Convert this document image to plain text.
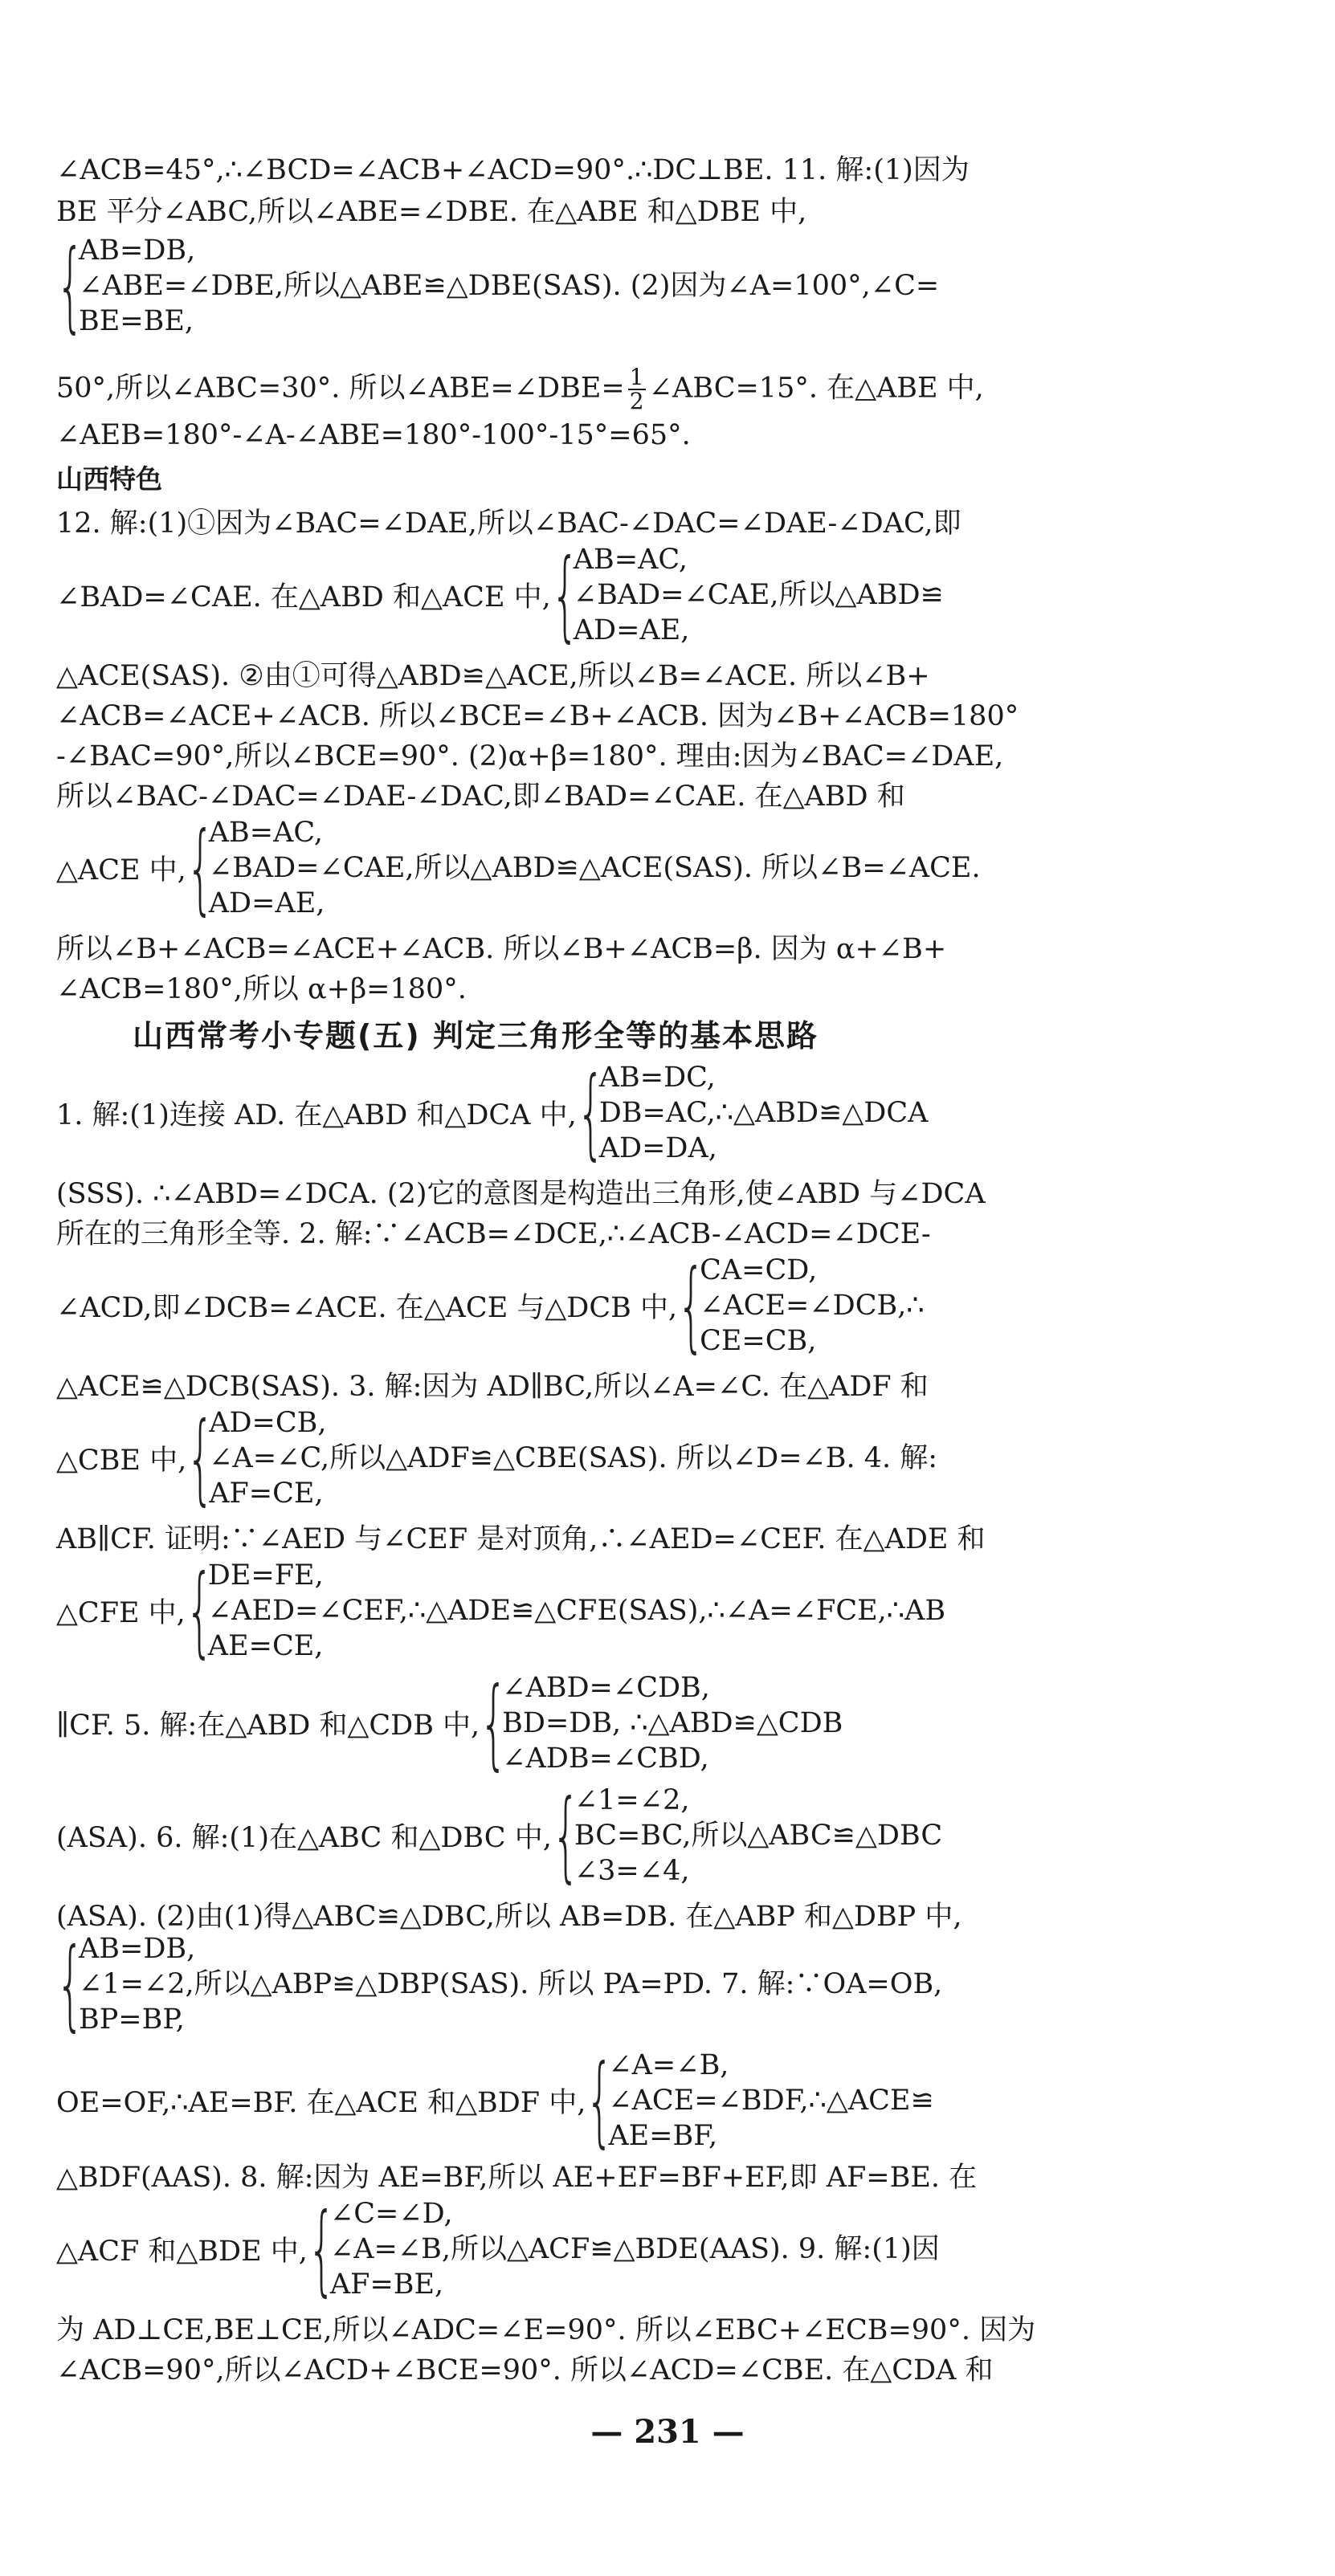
∠ACB=45°,∴∠BCD=∠ACB+∠ACD=90°.∴DC⊥BE. 11. 解:(1)因为
BE 平分∠ABC,所以∠ABE=∠DBE. 在△ABE 和△DBE 中,
{
AB=DB,
∠ABE=∠DBE,所以△ABE≌△DBE(SAS). (2)因为∠A=100°,∠C=
BE=BE,
50°,所以∠ABC=30°. 所以∠ABE=∠DBE= $\frac{1}{2}$ ∠ABC=15°. 在△ABE 中,
∠AEB=180°-∠A-∠ABE=180°-100°-15°=65°.
山西特色
12. 解:(1)①因为∠BAC=∠DAE,所以∠BAC-∠DAC=∠DAE-∠DAC,即
∠BAD=∠CAE. 在△ABD 和△ACE 中, {
AB=AC,
∠BAD=∠CAE,所以△ABD≌
AD=AE,
△ACE(SAS). ②由①可得△ABD≌△ACE,所以∠B=∠ACE. 所以∠B+
∠ACB=∠ACE+∠ACB. 所以∠BCE=∠B+∠ACB. 因为∠B+∠ACB=180°
-∠BAC=90°,所以∠BCE=90°. (2)α+β=180°. 理由:因为∠BAC=∠DAE,
所以∠BAC-∠DAC=∠DAE-∠DAC,即∠BAD=∠CAE. 在△ABD 和
△ACE 中, {
AB=AC,
∠BAD=∠CAE,所以△ABD≌△ACE(SAS). 所以∠B=∠ACE.
AD=AE,
所以∠B+∠ACB=∠ACE+∠ACB. 所以∠B+∠ACB=β. 因为 α+∠B+
∠ACB=180°,所以 α+β=180°.
山西常考小专题(五) 判定三角形全等的基本思路
1. 解:(1)连接 AD. 在△ABD 和△DCA 中, {
AB=DC,
DB=AC,∴△ABD≌△DCA
AD=DA,
(SSS). ∴∠ABD=∠DCA. (2)它的意图是构造出三角形,使∠ABD 与∠DCA
所在的三角形全等. 2. 解:∵∠ACB=∠DCE,∴∠ACB-∠ACD=∠DCE-
∠ACD,即∠DCB=∠ACE. 在△ACE 与△DCB 中, {
CA=CD,
∠ACE=∠DCB,∴
CE=CB,
△ACE≌△DCB(SAS). 3. 解:因为 AD∥BC,所以∠A=∠C. 在△ADF 和
△CBE 中, {
AD=CB,
∠A=∠C,所以△ADF≌△CBE(SAS). 所以∠D=∠B. 4. 解:
AF=CE,
AB∥CF. 证明:∵∠AED 与∠CEF 是对顶角,∴∠AED=∠CEF. 在△ADE 和
△CFE 中, {
DE=FE,
∠AED=∠CEF,∴△ADE≌△CFE(SAS),∴∠A=∠FCE,∴AB
AE=CE,
∥CF. 5. 解:在△ABD 和△CDB 中, {
∠ABD=∠CDB,
BD=DB, ∴△ABD≌△CDB
∠ADB=∠CBD,
(ASA). 6. 解:(1)在△ABC 和△DBC 中, {
∠1=∠2,
BC=BC,所以△ABC≌△DBC
∠3=∠4,
(ASA). (2)由(1)得△ABC≌△DBC,所以 AB=DB. 在△ABP 和△DBP 中,
{
AB=DB,
∠1=∠2,所以△ABP≌△DBP(SAS). 所以 PA=PD. 7. 解:∵OA=OB,
BP=BP,
OE=OF,∴AE=BF. 在△ACE 和△BDF 中, {
∠A=∠B,
∠ACE=∠BDF,∴△ACE≌
AE=BF,
△BDF(AAS). 8. 解:因为 AE=BF,所以 AE+EF=BF+EF,即 AF=BE. 在
△ACF 和△BDE 中, {
∠C=∠D,
∠A=∠B,所以△ACF≌△BDE(AAS). 9. 解:(1)因
AF=BE,
为 AD⊥CE,BE⊥CE,所以∠ADC=∠E=90°. 所以∠EBC+∠ECB=90°. 因为
∠ACB=90°,所以∠ACD+∠BCE=90°. 所以∠ACD=∠CBE. 在△CDA 和
— 231 —
